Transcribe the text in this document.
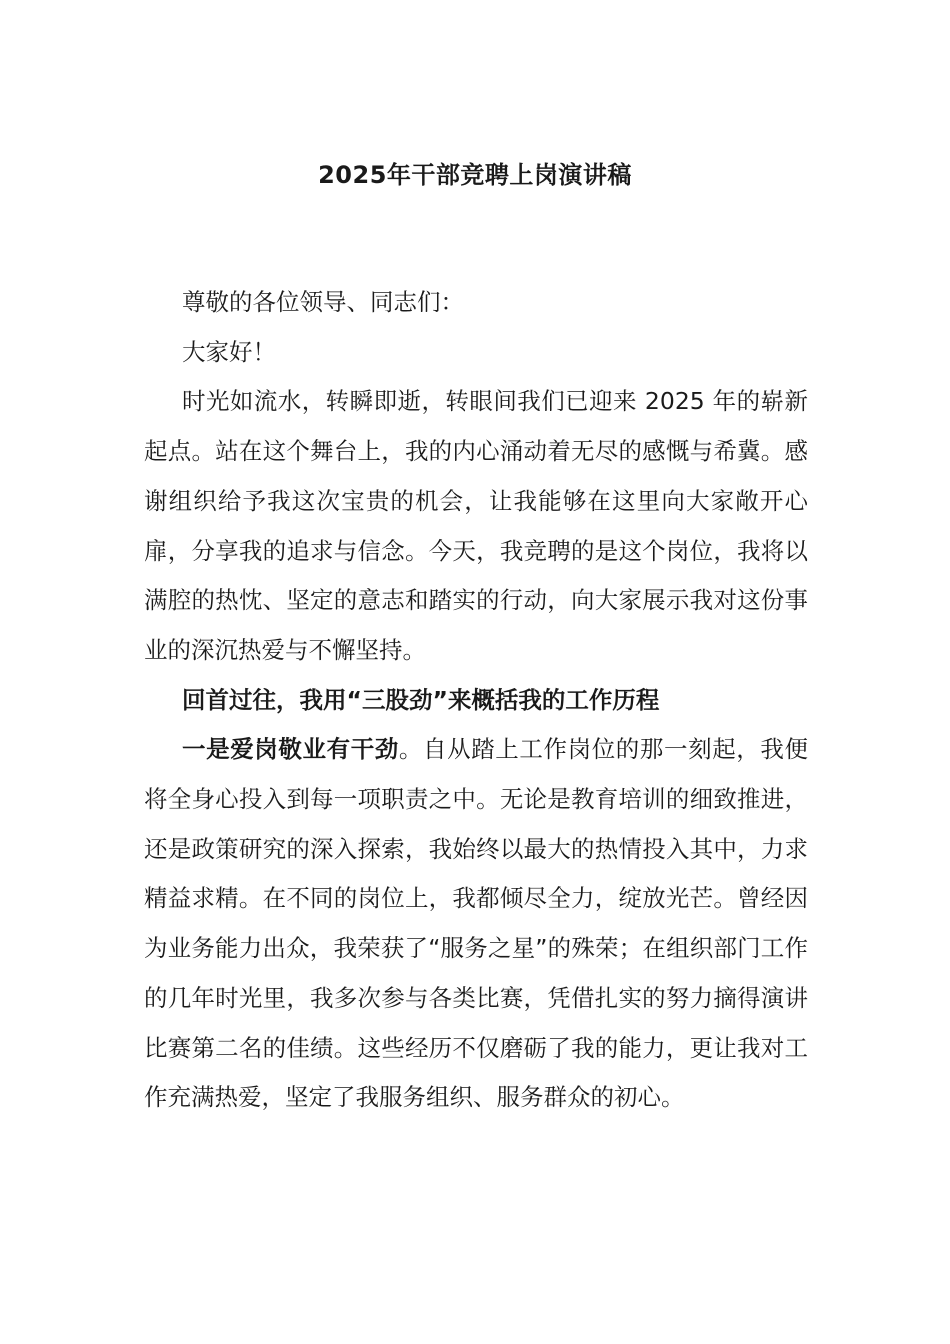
2025年干部竞聘上岗演讲稿

尊敬的各位领导、同志们：

大家好！

时光如流水，转瞬即逝，转眼间我们已迎来 2025 年的崭新起点。站在这个舞台上，我的内心涌动着无尽的感慨与希冀。感谢组织给予我这次宝贵的机会，让我能够在这里向大家敞开心扉，分享我的追求与信念。今天，我竞聘的是这个岗位，我将以满腔的热忱、坚定的意志和踏实的行动，向大家展示我对这份事业的深沉热爱与不懈坚持。

回首过往，我用“三股劲”来概括我的工作历程

一是爱岗敬业有干劲。自从踏上工作岗位的那一刻起，我便将全身心投入到每一项职责之中。无论是教育培训的细致推进，还是政策研究的深入探索，我始终以最大的热情投入其中，力求精益求精。在不同的岗位上，我都倾尽全力，绽放光芒。曾经因为业务能力出众，我荣获了“服务之星”的殊荣；在组织部门工作的几年时光里，我多次参与各类比赛，凭借扎实的努力摘得演讲比赛第二名的佳绩。这些经历不仅磨砺了我的能力，更让我对工作充满热爱，坚定了我服务组织、服务群众的初心。
